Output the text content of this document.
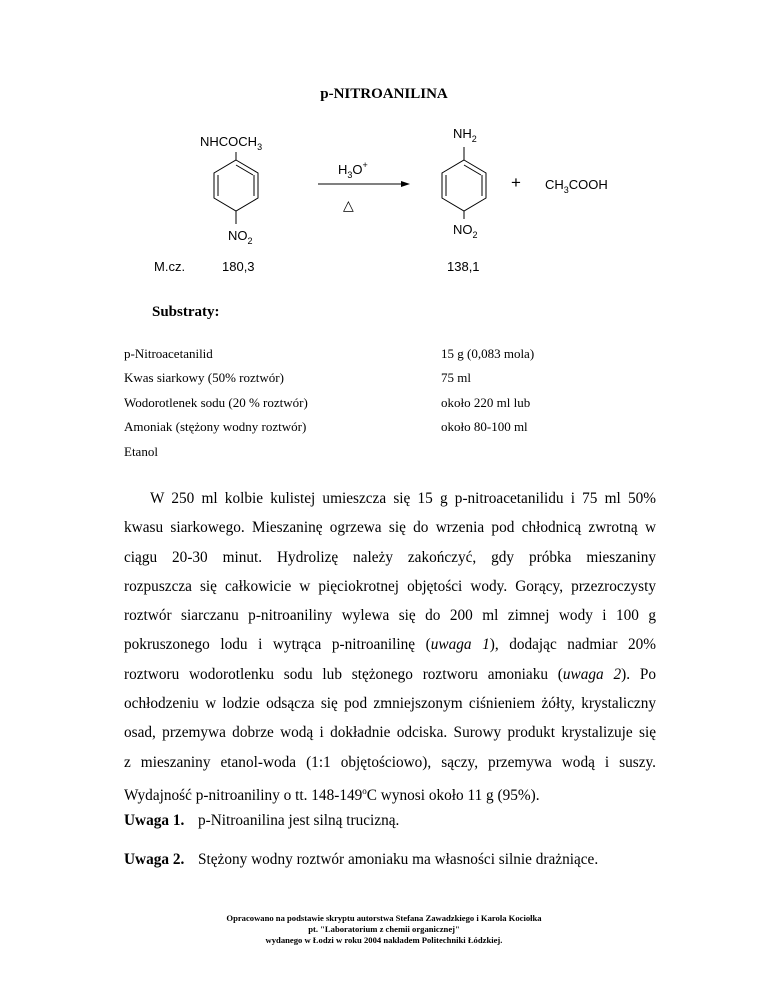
p-NITROANILINA
$NHCOCH_3$
$NO_2$
$H_3O^+$
△
$NH_2$
$NO_2$
+ $CH_3COOH$
M.cz.	180,3	138,1
Substraty:
p-Nitroacetanilid	15 g (0,083 mola)
Kwas siarkowy (50% roztwór)	75 ml
Wodorotlenek sodu (20 % roztwór)	około 220 ml lub
Amoniak (stężony wodny roztwór)	około 80-100 ml
Etanol
W 250 ml kolbie kulistej umieszcza się 15 g p-nitroacetanilidu i 75 ml 50%
kwasu siarkowego. Mieszaninę ogrzewa się do wrzenia pod chłodnicą zwrotną w
ciągu 20-30 minut. Hydrolizę należy zakończyć, gdy próbka mieszaniny
rozpuszcza się całkowicie w pięciokrotnej objętości wody. Gorący, przezroczysty
roztwór siarczanu p-nitroaniliny wylewa się do 200 ml zimnej wody i 100 g
pokruszonego lodu i wytrąca p-nitroanilinę (uwaga 1), dodając nadmiar 20%
roztworu wodorotlenku sodu lub stężonego roztworu amoniaku (uwaga 2). Po
ochłodzeniu w lodzie odsącza się pod zmniejszonym ciśnieniem żółty, krystaliczny
osad, przemywa dobrze wodą i dokładnie odciska. Surowy produkt krystalizuje się
z mieszaniny etanol-woda (1:1 objętościowo), sączy, przemywa wodą i suszy.
Wydajność p-nitroaniliny o tt. 148-149$^o$C wynosi około 11 g (95%).
Uwaga 1. p-Nitroanilina jest silną trucizną.
Uwaga 2. Stężony wodny roztwór amoniaku ma własności silnie drażniące.
Opracowano na podstawie skryptu autorstwa Stefana Zawadzkiego i Karola Kociołka
pt. "Laboratorium z chemii organicznej"
wydanego w Łodzi w roku 2004 nakładem Politechniki Łódzkiej.
